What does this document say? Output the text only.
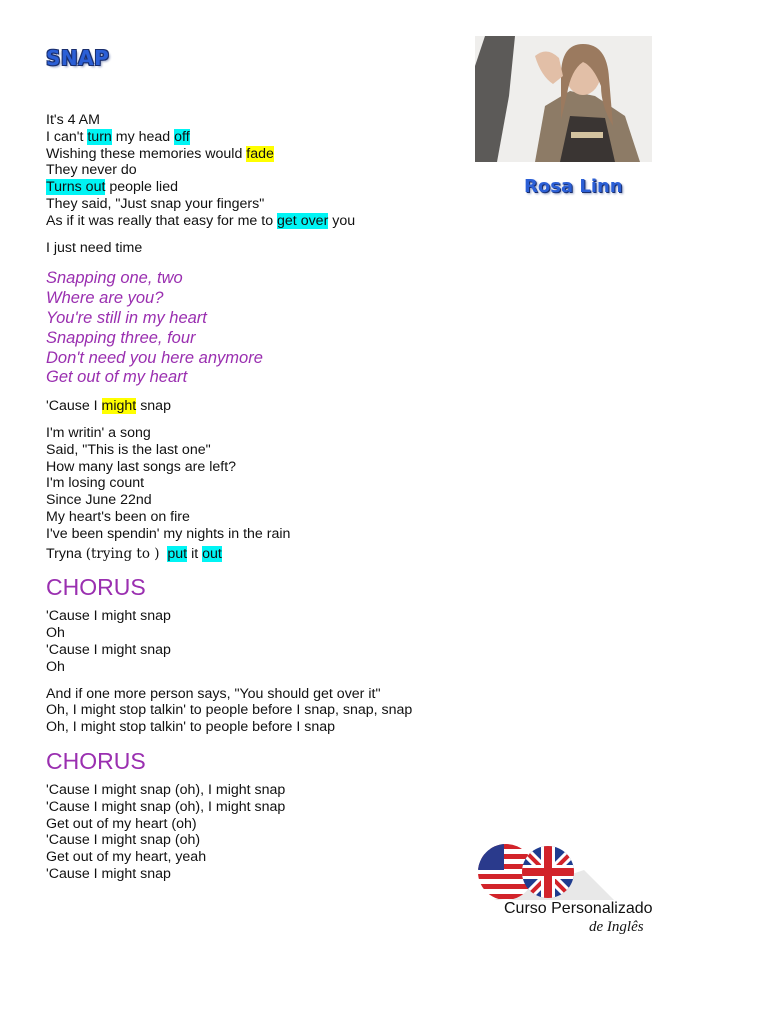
SNAP
Rosa Linn
It's 4 AM
I can't turn my head off
Wishing these memories would fade
They never do
Turns out people lied
They said, "Just snap your fingers"
As if it was really that easy for me to get over you
I just need time
Snapping one, two
Where are you?
You're still in my heart
Snapping three, four
Don't need you here anymore
Get out of my heart
'Cause I might snap
I'm writin' a song
Said, "This is the last one"
How many last songs are left?
I'm losing count
Since June 22nd
My heart's been on fire
I've been spendin' my nights in the rain
Tryna (trying to ) put it out
CHORUS
'Cause I might snap
Oh
'Cause I might snap
Oh
And if one more person says, "You should get over it"
Oh, I might stop talkin' to people before I snap, snap, snap
Oh, I might stop talkin' to people before I snap
CHORUS
'Cause I might snap (oh), I might snap
'Cause I might snap (oh), I might snap
Get out of my heart (oh)
'Cause I might snap (oh)
Get out of my heart, yeah
'Cause I might snap
Curso Personalizado
de Inglês
